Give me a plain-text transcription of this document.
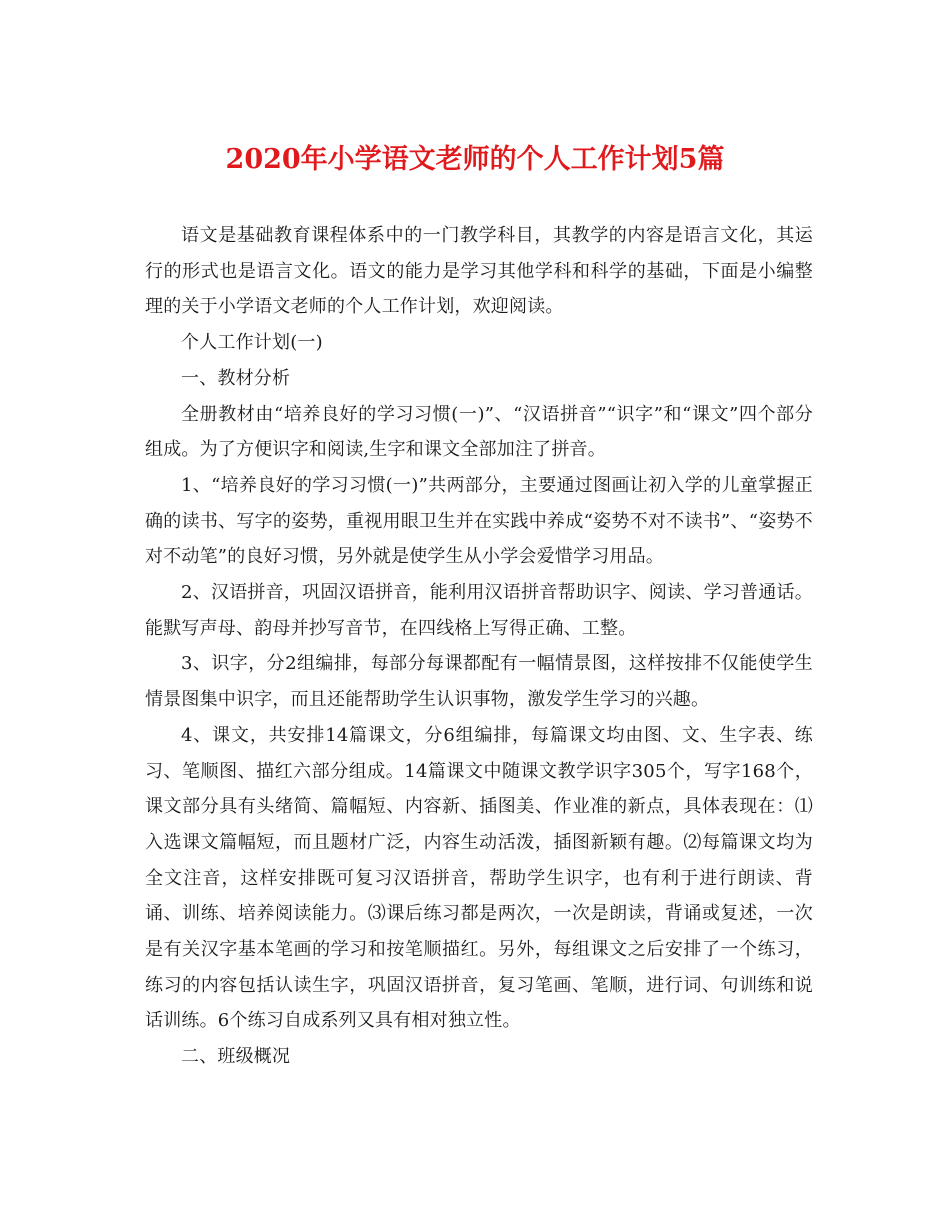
2020年小学语文老师的个人工作计划5篇

语文是基础教育课程体系中的一门教学科目，其教学的内容是语言文化，其运行的形式也是语言文化。语文的能力是学习其他学科和科学的基础，下面是小编整理的关于小学语文老师的个人工作计划，欢迎阅读。

个人工作计划(一)

一、教材分析

全册教材由“培养良好的学习习惯(一)”、“汉语拼音”“识字”和“课文”四个部分组成。为了方便识字和阅读,生字和课文全部加注了拼音。

1、“培养良好的学习习惯(一)”共两部分，主要通过图画让初入学的儿童掌握正确的读书、写字的姿势，重视用眼卫生并在实践中养成“姿势不对不读书”、“姿势不对不动笔”的良好习惯，另外就是使学生从小学会爱惜学习用品。

2、汉语拼音，巩固汉语拼音，能利用汉语拼音帮助识字、阅读、学习普通话。能默写声母、韵母并抄写音节，在四线格上写得正确、工整。

3、识字，分2组编排，每部分每课都配有一幅情景图，这样按排不仅能使学生情景图集中识字，而且还能帮助学生认识事物，激发学生学习的兴趣。

4、课文，共安排14篇课文，分6组编排，每篇课文均由图、文、生字表、练习、笔顺图、描红六部分组成。14篇课文中随课文教学识字305个，写字168个，课文部分具有头绪简、篇幅短、内容新、插图美、作业准的新点，具体表现在：⑴入选课文篇幅短，而且题材广泛，内容生动活泼，插图新颖有趣。⑵每篇课文均为全文注音，这样安排既可复习汉语拼音，帮助学生识字，也有利于进行朗读、背诵、训练、培养阅读能力。⑶课后练习都是两次，一次是朗读，背诵或复述，一次是有关汉字基本笔画的学习和按笔顺描红。另外，每组课文之后安排了一个练习，练习的内容包括认读生字，巩固汉语拼音，复习笔画、笔顺，进行词、句训练和说话训练。6个练习自成系列又具有相对独立性。

二、班级概况
